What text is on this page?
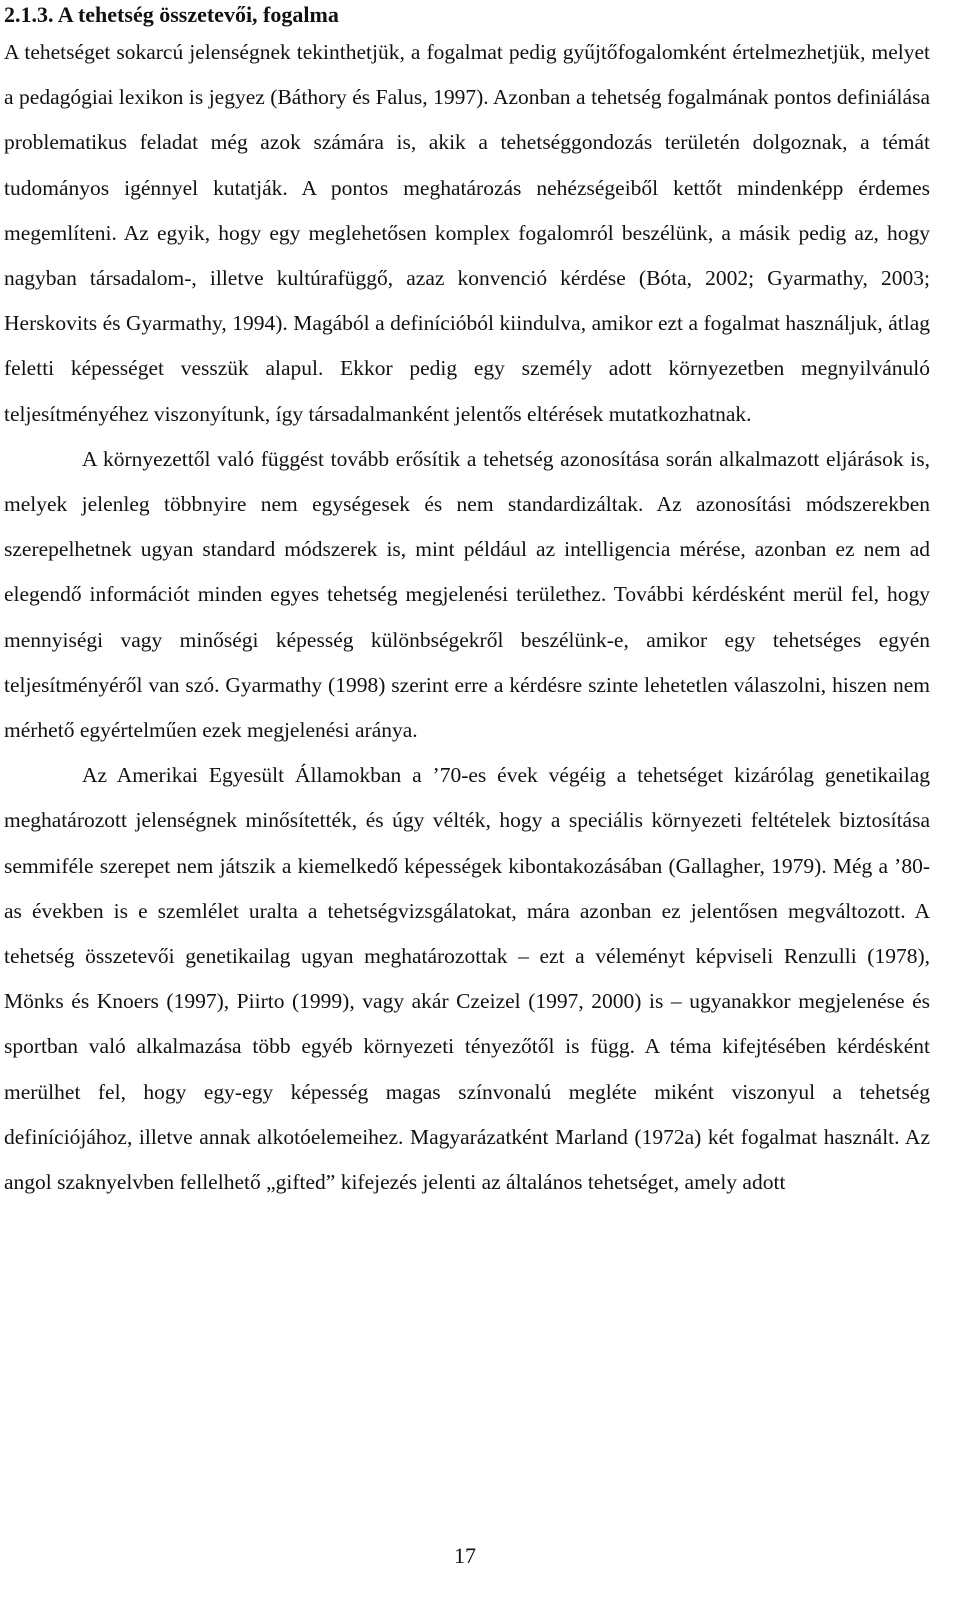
2.1.3. A tehetség összetevői, fogalma

A tehetséget sokarcú jelenségnek tekinthetjük, a fogalmat pedig gyűjtőfogalomként értelmezhetjük, melyet a pedagógiai lexikon is jegyez (Báthory és Falus, 1997). Azonban a tehetség fogalmának pontos definiálása problematikus feladat még azok számára is, akik a tehetséggondozás területén dolgoznak, a témát tudományos igénnyel kutatják. A pontos meghatározás nehézségeiből kettőt mindenképp érdemes megemlíteni. Az egyik, hogy egy meglehetősen komplex fogalomról beszélünk, a másik pedig az, hogy nagyban társadalom-, illetve kultúrafüggő, azaz konvenció kérdése (Bóta, 2002; Gyarmathy, 2003; Herskovits és Gyarmathy, 1994). Magából a definícióból kiindulva, amikor ezt a fogalmat használjuk, átlag feletti képességet vesszük alapul. Ekkor pedig egy személy adott környezetben megnyilvánuló teljesítményéhez viszonyítunk, így társadalmanként jelentős eltérések mutatkozhatnak.

A környezettől való függést tovább erősítik a tehetség azonosítása során alkalmazott eljárások is, melyek jelenleg többnyire nem egységesek és nem standardizáltak. Az azonosítási módszerekben szerepelhetnek ugyan standard módszerek is, mint például az intelligencia mérése, azonban ez nem ad elegendő információt minden egyes tehetség megjelenési területhez. További kérdésként merül fel, hogy mennyiségi vagy minőségi képesség különbségekről beszélünk-e, amikor egy tehetséges egyén teljesítményéről van szó. Gyarmathy (1998) szerint erre a kérdésre szinte lehetetlen válaszolni, hiszen nem mérhető egyértelműen ezek megjelenési aránya.

Az Amerikai Egyesült Államokban a ’70-es évek végéig a tehetséget kizárólag genetikailag meghatározott jelenségnek minősítették, és úgy vélték, hogy a speciális környezeti feltételek biztosítása semmiféle szerepet nem játszik a kiemelkedő képességek kibontakozásában (Gallagher, 1979). Még a ’80-as években is e szemlélet uralta a tehetségvizsgálatokat, mára azonban ez jelentősen megváltozott. A tehetség összetevői genetikailag ugyan meghatározottak – ezt a véleményt képviseli Renzulli (1978), Mönks és Knoers (1997), Piirto (1999), vagy akár Czeizel (1997, 2000) is – ugyanakkor megjelenése és sportban való alkalmazása több egyéb környezeti tényezőtől is függ. A téma kifejtésében kérdésként merülhet fel, hogy egy-egy képesség magas színvonalú megléte miként viszonyul a tehetség definíciójához, illetve annak alkotóelemeihez. Magyarázatként Marland (1972a) két fogalmat használt. Az angol szaknyelvben fellelhető „gifted” kifejezés jelenti az általános tehetséget, amely adott

17
